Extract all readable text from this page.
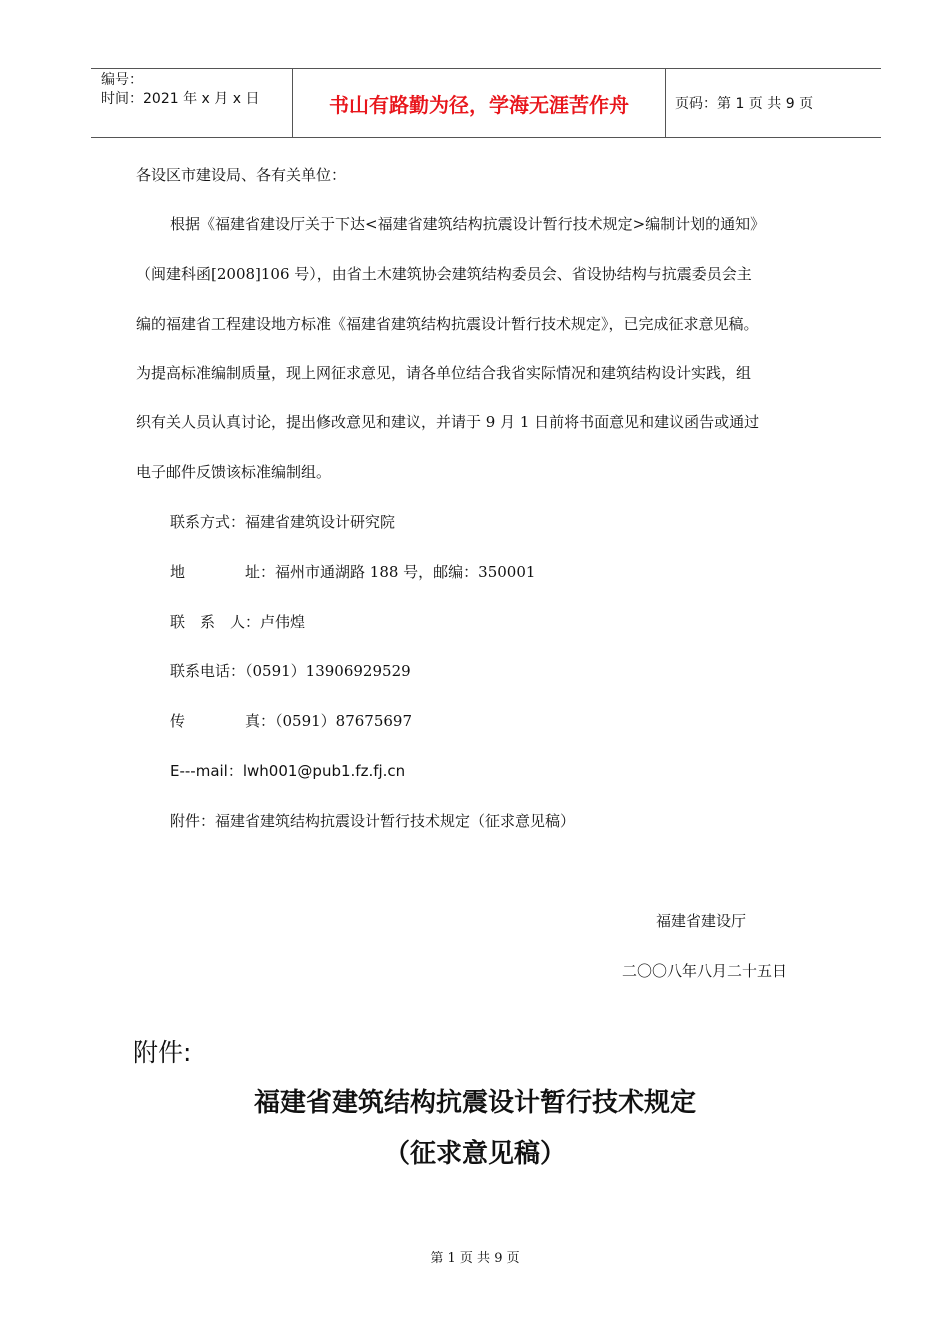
编号：
时间：2021 年 x 月 x 日	书山有路勤为径，学海无涯苦作舟	页码：第 1 页 共 9 页
各设区市建设局、各有关单位：
根据《福建省建设厅关于下达<福建省建筑结构抗震设计暂行技术规定>编制计划的通知》
（闽建科函[2008]106 号），由省土木建筑协会建筑结构委员会、省设协结构与抗震委员会主
编的福建省工程建设地方标准《福建省建筑结构抗震设计暂行技术规定》，已完成征求意见稿。
为提高标准编制质量，现上网征求意见，请各单位结合我省实际情况和建筑结构设计实践，组
织有关人员认真讨论，提出修改意见和建议，并请于 9 月 1 日前将书面意见和建议函告或通过
电子邮件反馈该标准编制组。
联系方式：福建省建筑设计研究院
地　　　　址：福州市通湖路 188 号，邮编：350001
联　系　人：卢伟煌
联系电话：（0591）13906929529
传　　　　真：（0591）87675697
E---mail：lwh001@pub1.fz.fj.cn
附件：福建省建筑结构抗震设计暂行技术规定（征求意见稿）
福建省建设厅
二〇〇八年八月二十五日
附件:
福建省建筑结构抗震设计暂行技术规定
（征求意见稿）
第 1 页 共 9 页
